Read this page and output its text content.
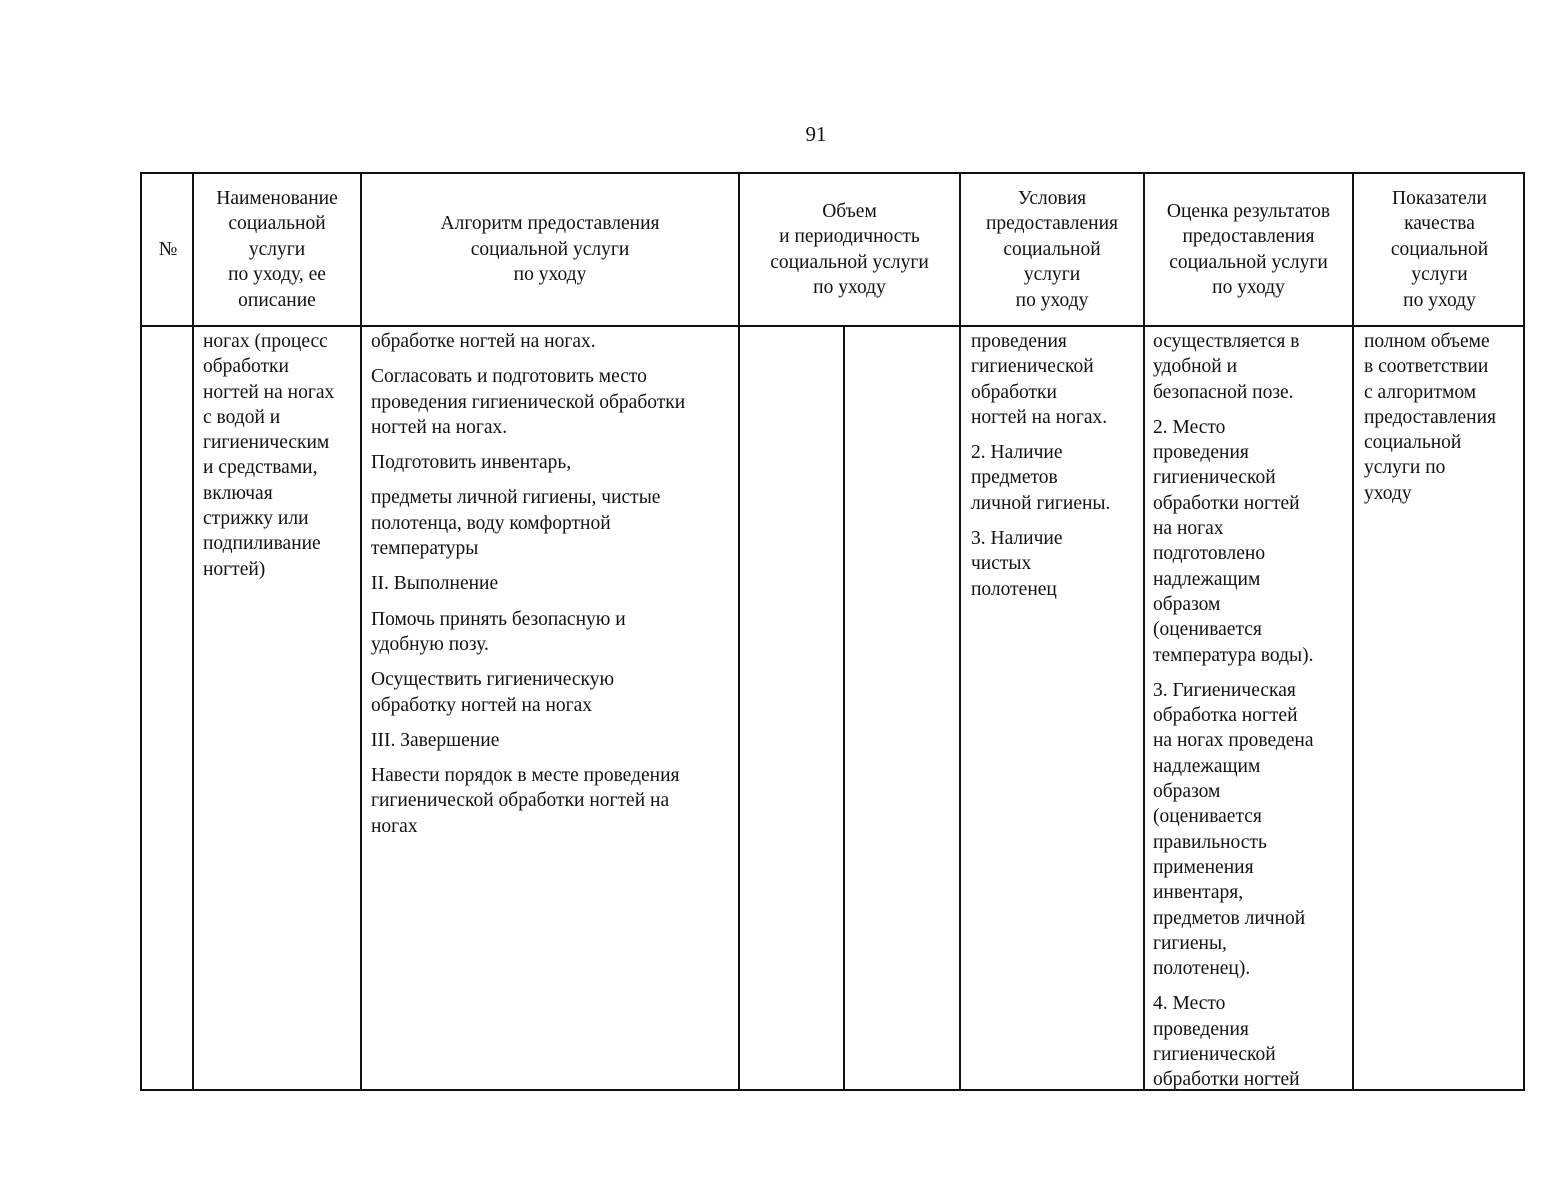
91
№
Наименование
социальной
услуги
по уходу, ее
описание
Алгоритм предоставления
социальной услуги
по уходу
Объем
и периодичность
социальной услуги
по уходу
Условия
предоставления
социальной
услуги
по уходу
Оценка результатов
предоставления
социальной услуги
по уходу
Показатели
качества
социальной
услуги
по уходу
ногах (процесс
обработки
ногтей на ногах
с водой и
гигиеническим
и средствами,
включая
стрижку или
подпиливание
ногтей)

обработке ногтей на ногах.

Согласовать и подготовить место
проведения гигиенической обработки
ногтей на ногах.

Подготовить инвентарь,

предметы личной гигиены, чистые
полотенца, воду комфортной
температуры

II. Выполнение

Помочь принять безопасную и
удобную позу.

Осуществить гигиеническую
обработку ногтей на ногах

III. Завершение

Навести порядок в месте проведения
гигиенической обработки ногтей на
ногах

проведения
гигиенической
обработки
ногтей на ногах.

2. Наличие
предметов
личной гигиены.

3. Наличие
чистых
полотенец

осуществляется в
удобной и
безопасной позе.

2. Место
проведения
гигиенической
обработки ногтей
на ногах
подготовлено
надлежащим
образом
(оценивается
температура воды).

3. Гигиеническая
обработка ногтей
на ногах проведена
надлежащим
образом
(оценивается
правильность
применения
инвентаря,
предметов личной
гигиены,
полотенец).

4. Место
проведения
гигиенической
обработки ногтей

полном объеме
в соответствии
с алгоритмом
предоставления
социальной
услуги по
уходу
